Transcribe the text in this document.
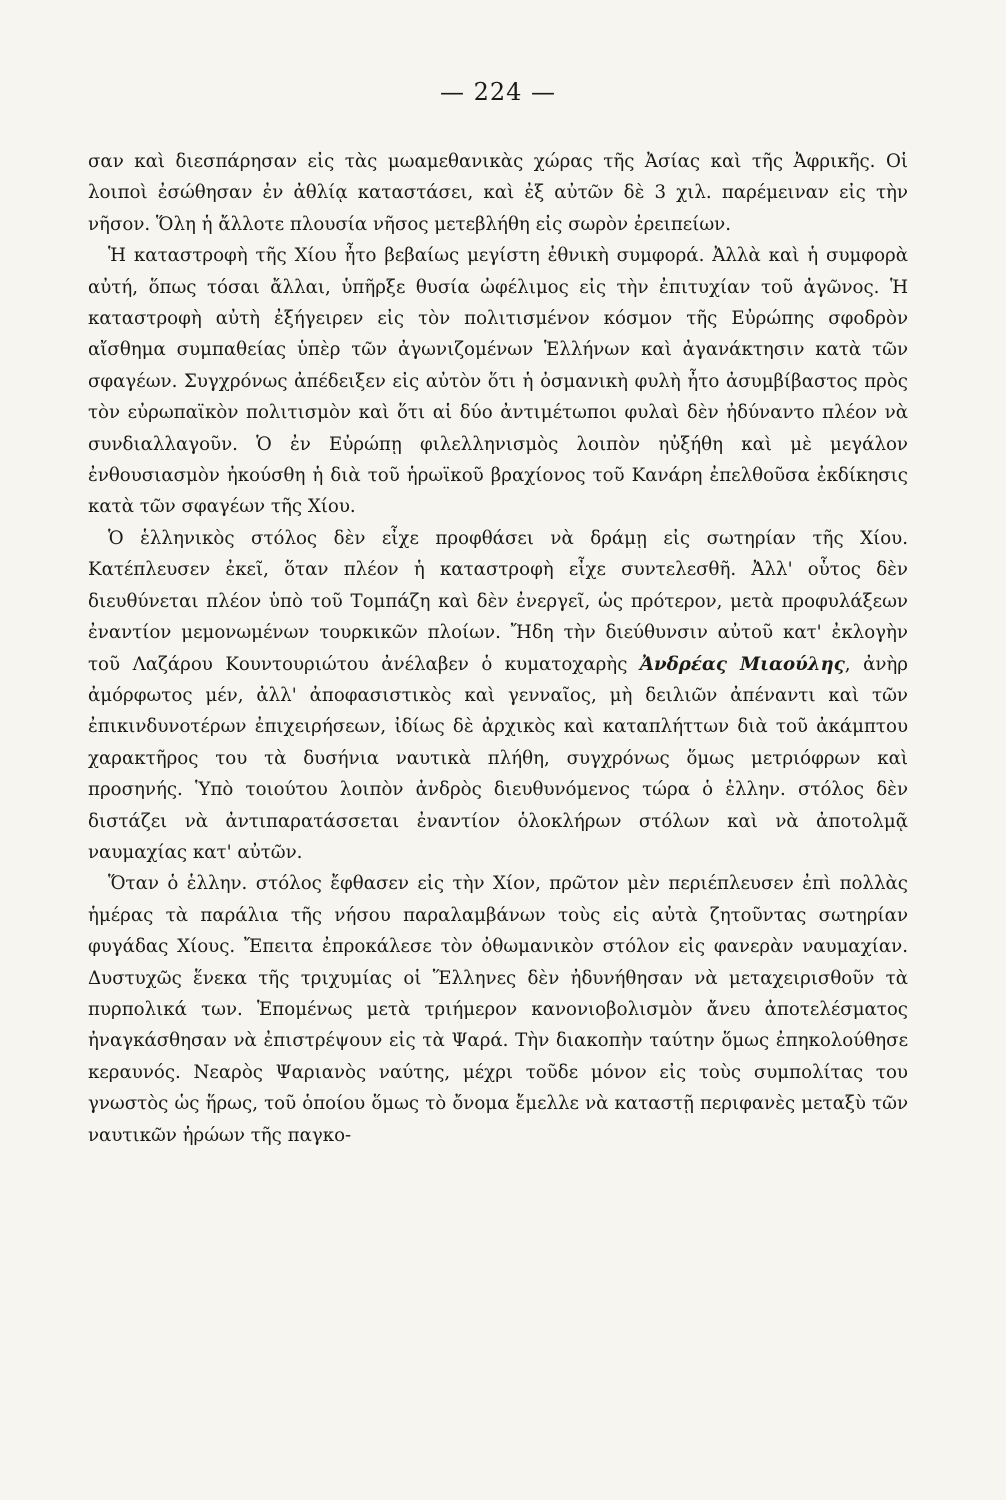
— 224 —

σαν καὶ διεσπάρησαν εἰς τὰς μωαμεθανικὰς χώρας τῆς Ἀσίας καὶ τῆς Ἀφρικῆς. Οἱ λοιποὶ ἐσώθησαν ἐν ἀθλίᾳ καταστάσει, καὶ ἐξ αὐτῶν δὲ 3 χιλ. παρέμειναν εἰς τὴν νῆσον. Ὅλη ἡ ἄλλοτε πλουσία νῆσος μετεβλήθη εἰς σωρὸν ἐρειπείων.

Ἡ καταστροφὴ τῆς Χίου ἦτο βεβαίως μεγίστη ἐθνικὴ συμφορά. Ἀλλὰ καὶ ἡ συμφορὰ αὐτή, ὅπως τόσαι ἄλλαι, ὑπῆρξε θυσία ὠφέλιμος εἰς τὴν ἐπιτυχίαν τοῦ ἀγῶνος. Ἡ καταστροφὴ αὐτὴ ἐξήγειρεν εἰς τὸν πολιτισμένον κόσμον τῆς Εὐρώπης σφοδρὸν αἴσθημα συμπαθείας ὑπὲρ τῶν ἀγωνιζομένων Ἑλλήνων καὶ ἀγανάκτησιν κατὰ τῶν σφαγέων. Συγχρόνως ἀπέδειξεν εἰς αὐτὸν ὅτι ἡ ὀσμανικὴ φυλὴ ἦτο ἀσυμβίβαστος πρὸς τὸν εὐρωπαϊκὸν πολιτισμὸν καὶ ὅτι αἱ δύο ἀντιμέτωποι φυλαὶ δὲν ἠδύναντο πλέον νὰ συνδιαλλαγοῦν. Ὁ ἐν Εὐρώπῃ φιλελληνισμὸς λοιπὸν ηὐξήθη καὶ μὲ μεγάλον ἐνθουσιασμὸν ἠκούσθη ἡ διὰ τοῦ ἡρωϊκοῦ βραχίονος τοῦ Κανάρη ἐπελθοῦσα ἐκδίκησις κατὰ τῶν σφαγέων τῆς Χίου.

Ὁ ἑλληνικὸς στόλος δὲν εἶχε προφθάσει νὰ δράμῃ εἰς σωτηρίαν τῆς Χίου. Κατέπλευσεν ἐκεῖ, ὅταν πλέον ἡ καταστροφὴ εἶχε συντελεσθῆ. Ἀλλ' οὗτος δὲν διευθύνεται πλέον ὑπὸ τοῦ Τομπάζη καὶ δὲν ἐνεργεῖ, ὡς πρότερον, μετὰ προφυλάξεων ἐναντίον μεμονωμένων τουρκικῶν πλοίων. Ἤδη τὴν διεύθυνσιν αὐτοῦ κατ' ἐκλογὴν τοῦ Λαζάρου Κουντουριώτου ἀνέλαβεν ὁ κυματοχαρὴς Ἀνδρέας Μιαούλης, ἀνὴρ ἀμόρφωτος μέν, ἀλλ' ἀποφασιστικὸς καὶ γενναῖος, μὴ δειλιῶν ἀπέναντι καὶ τῶν ἐπικινδυνοτέρων ἐπιχειρήσεων, ἰδίως δὲ ἀρχικὸς καὶ καταπλήττων διὰ τοῦ ἀκάμπτου χαρακτῆρος του τὰ δυσήνια ναυτικὰ πλήθη, συγχρόνως ὅμως μετριόφρων καὶ προσηνής. Ὑπὸ τοιούτου λοιπὸν ἀνδρὸς διευθυνόμενος τώρα ὁ ἑλλην. στόλος δὲν διστάζει νὰ ἀντιπαρατάσσεται ἐναντίον ὁλοκλήρων στόλων καὶ νὰ ἀποτολμᾷ ναυμαχίας κατ' αὐτῶν.

Ὅταν ὁ ἑλλην. στόλος ἔφθασεν εἰς τὴν Χίον, πρῶτον μὲν περιέπλευσεν ἐπὶ πολλὰς ἡμέρας τὰ παράλια τῆς νήσου παραλαμβάνων τοὺς εἰς αὐτὰ ζητοῦντας σωτηρίαν φυγάδας Χίους. Ἔπειτα ἐπροκάλεσε τὸν ὀθωμανικὸν στόλον εἰς φανερὰν ναυμαχίαν. Δυστυχῶς ἕνεκα τῆς τριχυμίας οἱ Ἕλληνες δὲν ἠδυνήθησαν νὰ μεταχειρισθοῦν τὰ πυρπολικά των. Ἑπομένως μετὰ τριήμερον κανονιοβολισμὸν ἄνευ ἀποτελέσματος ἠναγκάσθησαν νὰ ἐπιστρέψουν εἰς τὰ Ψαρά. Τὴν διακοπὴν ταύτην ὅμως ἐπηκολούθησε κεραυνός. Νεαρὸς Ψαριανὸς ναύτης, μέχρι τοῦδε μόνον εἰς τοὺς συμπολίτας του γνωστὸς ὡς ἥρως, τοῦ ὁποίου ὅμως τὸ ὄνομα ἔμελλε νὰ καταστῇ περιφανὲς μεταξὺ τῶν ναυτικῶν ἡρώων τῆς παγκο-
